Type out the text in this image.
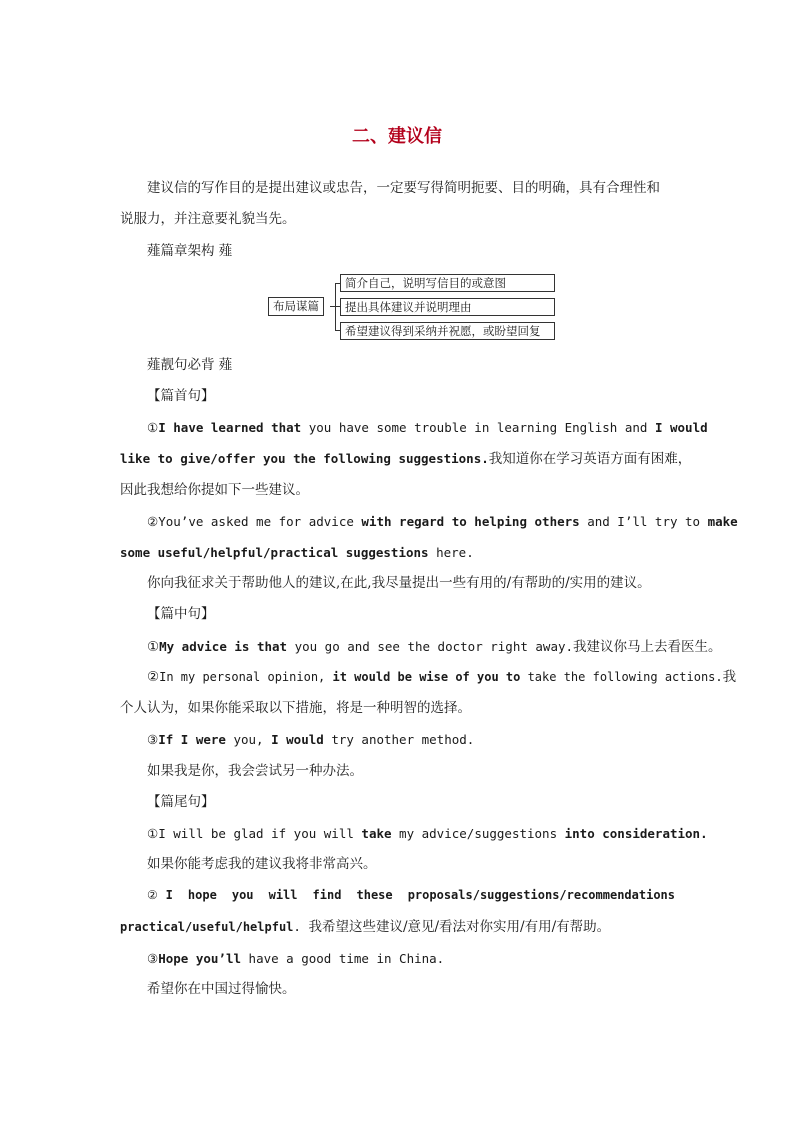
二、建议信
建议信的写作目的是提出建议或忠告，一定要写得简明扼要、目的明确，具有合理性和
说服力，并注意要礼貌当先。
薤篇章架构 薤
布局谋篇
简介自己，说明写信目的或意图
提出具体建议并说明理由
希望建议得到采纳并祝愿，或盼望回复
薤靓句必背 薤
【篇首句】
①I have learned that you have some trouble in learning English and I would
like to give/offer you the following suggestions.我知道你在学习英语方面有困难，
因此我想给你提如下一些建议。
②You’ve asked me for advice with regard to helping others and I’ll try to make
some useful/helpful/practical suggestions here.
你向我征求关于帮助他人的建议,在此,我尽量提出一些有用的/有帮助的/实用的建议。
【篇中句】
①My advice is that you go and see the doctor right away.我建议你马上去看医生。
②In my personal opinion, it would be wise of you to take the following actions.我
个人认为，如果你能采取以下措施，将是一种明智的选择。
③If I were you, I would try another method.
如果我是你，我会尝试另一种办法。
【篇尾句】
①I will be glad if you will take my advice/suggestions into consideration.
如果你能考虑我的建议我将非常高兴。
②I hope you will find these proposals/suggestions/recommendations
practical/useful/helpful. 我希望这些建议/意见/看法对你实用/有用/有帮助。
③Hope you’ll have a good time in China.
希望你在中国过得愉快。
